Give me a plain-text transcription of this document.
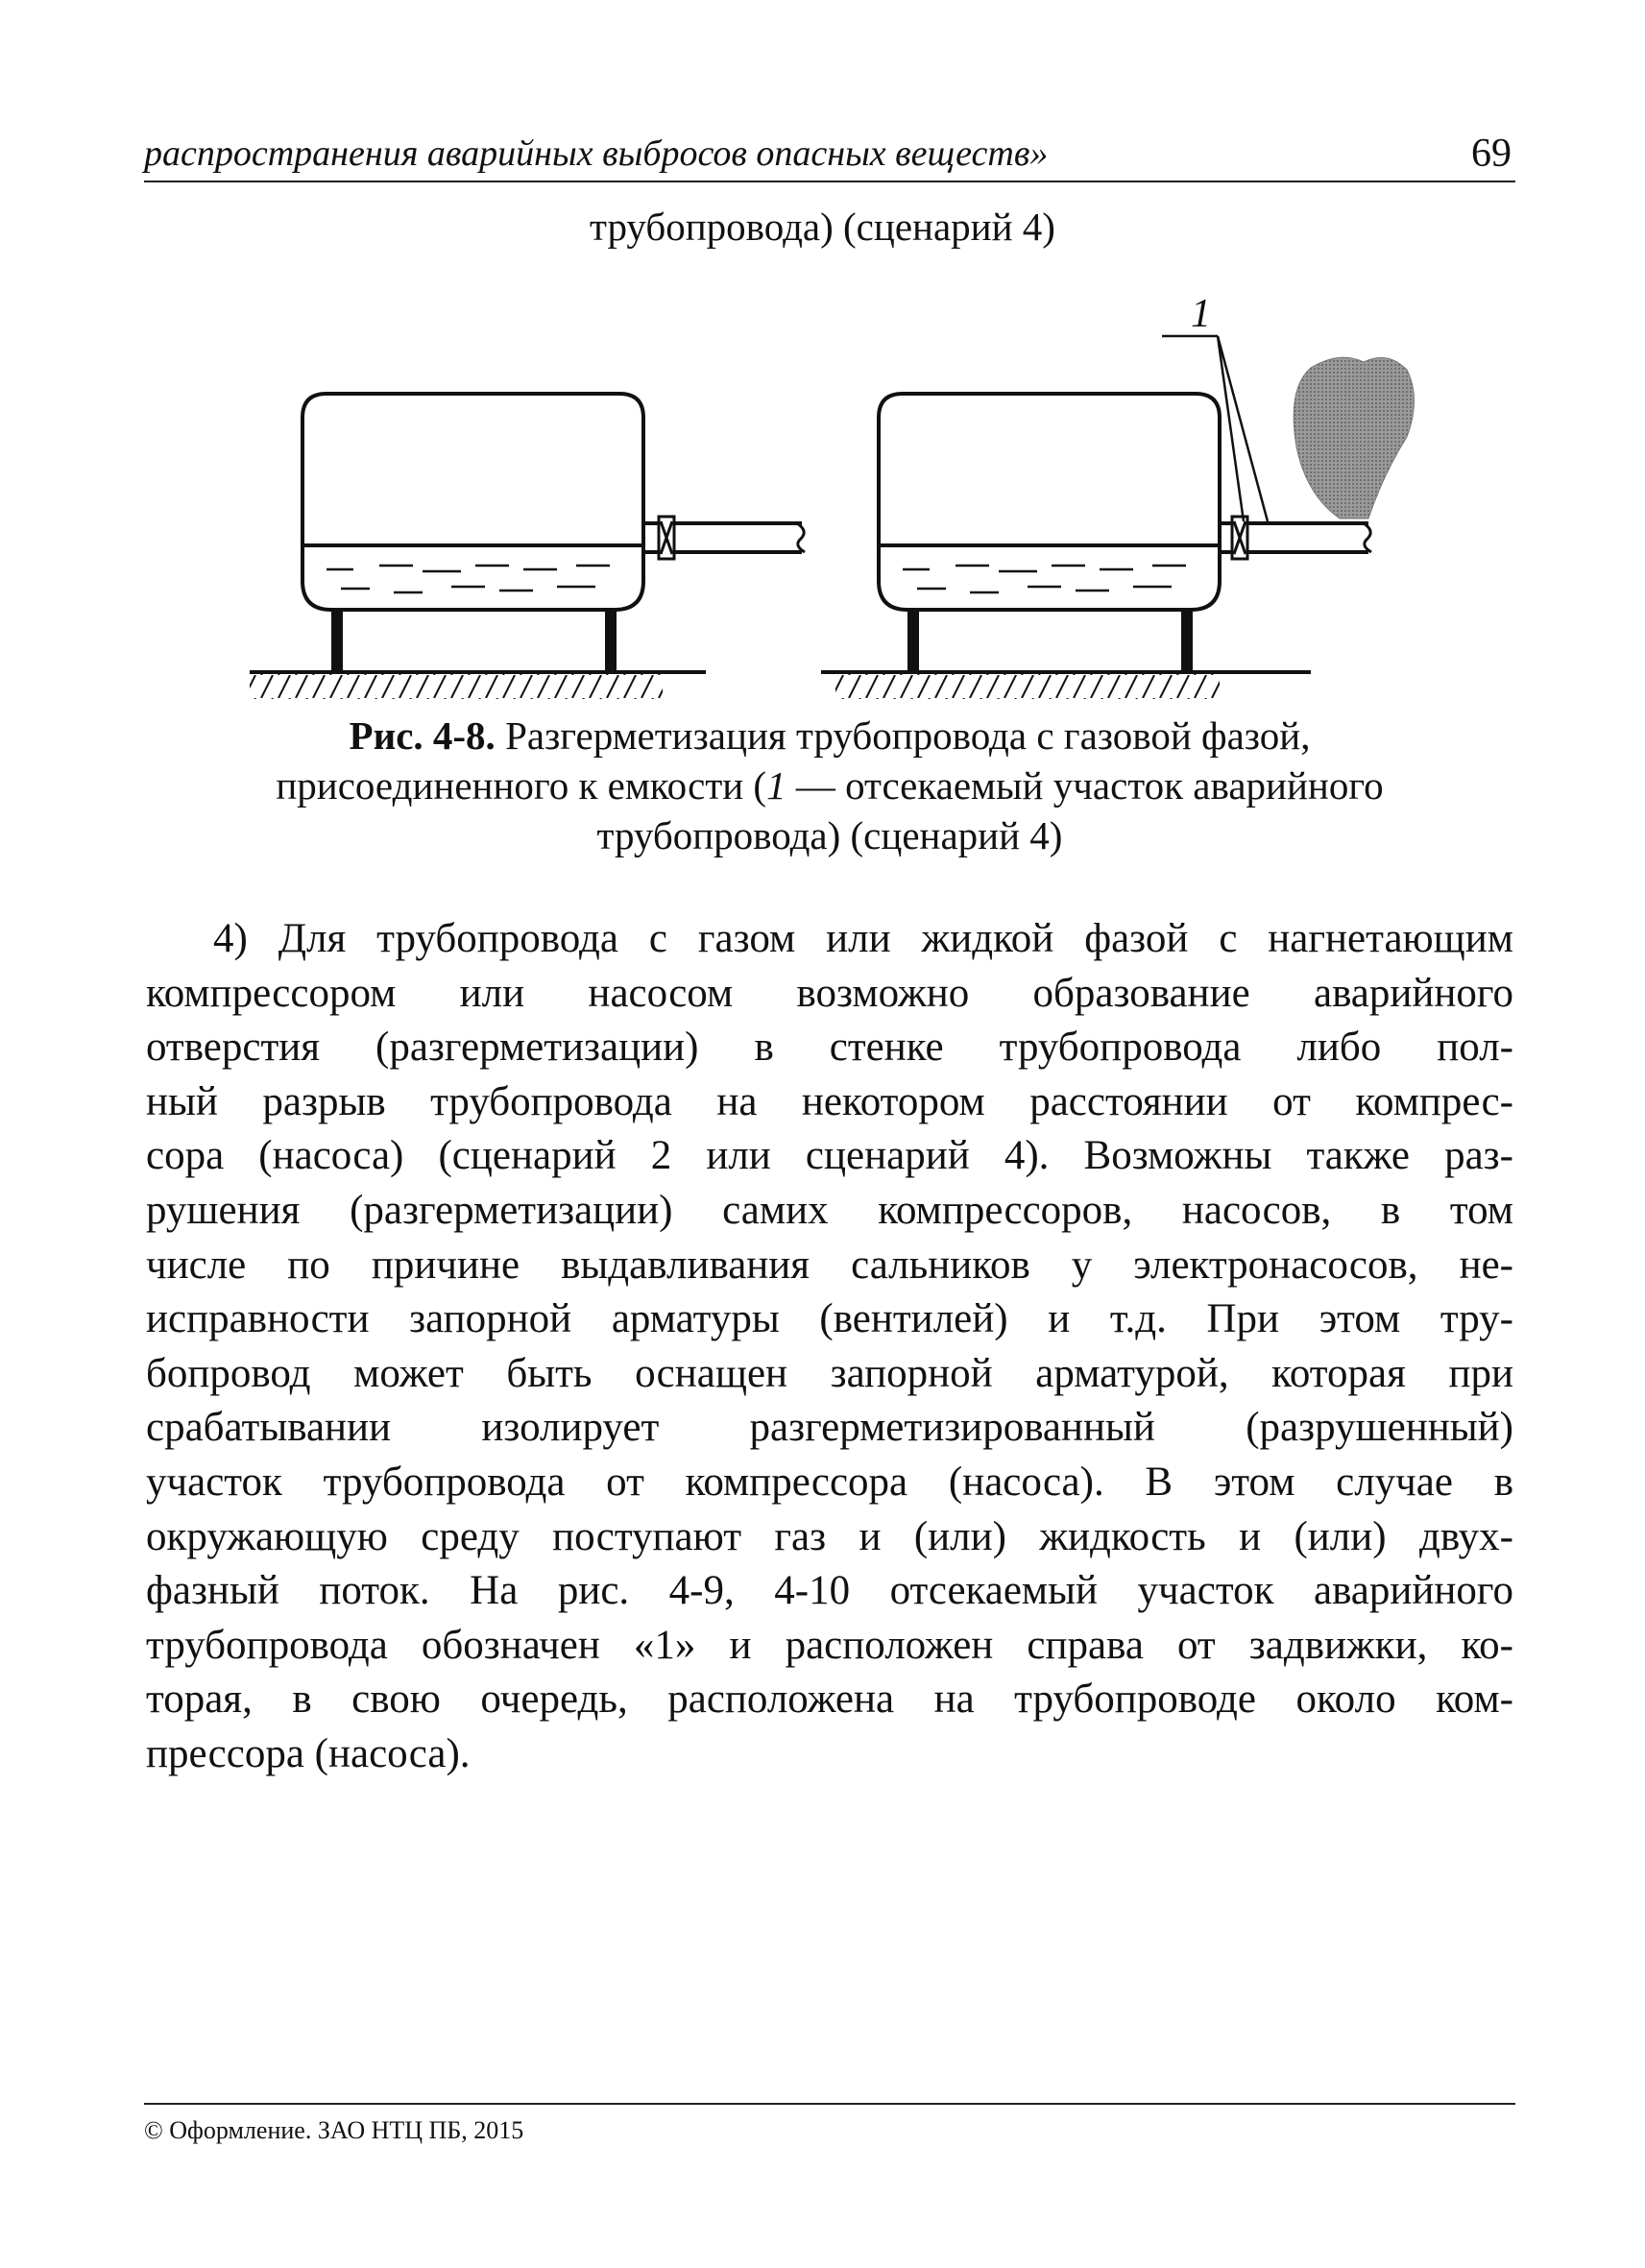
распространения аварийных выбросов опасных веществ»	69
трубопровода) (сценарий 4)
1
Рис. 4-8. Разгерметизация трубопровода с газовой фазой,
присоединенного к емкости (1 — отсекаемый участок аварийного
трубопровода) (сценарий 4)
4) Для трубопровода с газом или жидкой фазой с нагнетающим
компрессором или насосом возможно образование аварийного
отверстия (разгерметизации) в стенке трубопровода либо пол-
ный разрыв трубопровода на некотором расстоянии от компрес-
сора (насоса) (сценарий 2 или сценарий 4). Возможны также раз-
рушения (разгерметизации) самих компрессоров, насосов, в том
числе по причине выдавливания сальников у электронасосов, не-
исправности запорной арматуры (вентилей) и т.д. При этом тру-
бопровод может быть оснащен запорной арматурой, которая при
срабатывании изолирует разгерметизированный (разрушенный)
участок трубопровода от компрессора (насоса). В этом случае в
окружающую среду поступают газ и (или) жидкость и (или) двух-
фазный поток. На рис. 4-9, 4-10 отсекаемый участок аварийного
трубопровода обозначен «1» и расположен справа от задвижки, ко-
торая, в свою очередь, расположена на трубопроводе около ком-
прессора (насоса).
© Оформление. ЗАО НТЦ ПБ, 2015
